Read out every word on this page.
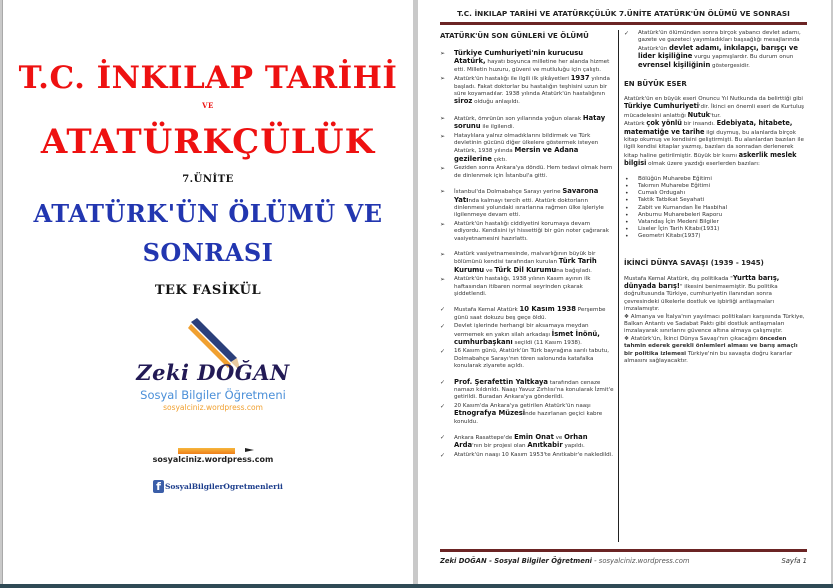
T.C. İNKILAP TARİHİ
VE
ATATÜRKÇÜLÜK
7.ÜNİTE
ATATÜRK'ÜN ÖLÜMÜ VE
SONRASI
TEK FASİKÜL
Zeki DOĞAN
Sosyal Bilgiler Öğretmeni
sosyalciniz.wordpress.com
sosyalciniz.wordpress.com
f SosyalBilgilerOgretmenlerii
T.C. İNKILAP TARİHİ VE ATATÜRKÇÜLÜK 7.ÜNİTE ATATÜRK'ÜN ÖLÜMÜ VE SONRASI
ATATÜRK'ÜN SON GÜNLERİ VE ÖLÜMÜ
➢ Türkiye Cumhuriyeti'nin kurucusu Atatürk, hayatı boyunca milletine her alanda hizmet etti. Milletin huzuru, güveni ve mutluluğu için çalıştı.
➢ Atatürk'ün hastalığı ile ilgili ilk şikâyetleri 1937 yılında başladı. Fakat doktorlar bu hastalığın teşhisini uzun bir süre koyamadılar. 1938 yılında Atatürk'ün hastalığının siroz olduğu anlaşıldı.
➢ Atatürk, ömrünün son yıllarında yoğun olarak Hatay sorunu ile ilgilendi.
➢ Hataylılara yalnız olmadıklarını bildirmek ve Türk devletinin gücünü diğer ülkelere göstermek isteyen Atatürk, 1938 yılında Mersin ve Adana gezilerine çıktı.
➢ Geziden sonra Ankara'ya döndü. Hem tedavi olmak hem de dinlenmek için İstanbul'a gitti.
➢ İstanbul'da Dolmabahçe Sarayı yerine Savarona Yatında kalmayı tercih etti. Atatürk doktorların dinlenmesi yolundaki ısrarlarına rağmen ülke işleriyle ilgilenmeye devam etti.
➢ Atatürk'ün hastalığı ciddiyetini korumaya devam ediyordu. Kendisini iyi hissettiği bir gün noter çağırarak vasiyetnamesini hazırlattı.
➢ Atatürk vasiyetnamesinde, malvarlığının büyük bir bölümünü kendisi tarafından kurulan Türk Tarih Kurumu ve Türk Dil Kurumuna bağışladı.
➢ Atatürk'ün hastalığı, 1938 yılının Kasım ayının ilk haftasından itibaren normal seyrinden çıkarak şiddetlendi.
✓ Mustafa Kemal Atatürk 10 Kasım 1938 Perşembe günü saat dokuzu beş geçe öldü.
✓ Devlet işlerinde herhangi bir aksamaya meydan vermemek en yakın silah arkadaşı İsmet İnönü, cumhurbaşkanı seçildi (11 Kasım 1938).
✓ 16 Kasım günü, Atatürk'ün Türk bayrağına sarılı tabutu, Dolmabahçe Sarayı'nın tören salonunda katafalka konularak ziyarete açıldı.
✓ Prof. Şerafettin Yaltkaya tarafından cenaze namazı kıldırıldı. Naaşı Yavuz Zırhlısı'na konularak İzmit'e getirildi. Buradan Ankara'ya gönderildi.
✓ 20 Kasım'da Ankara'ya getirilen Atatürk'ün naaşı Etnografya Müzesinde hazırlanan geçici kabre konuldu.
✓ Ankara Rasattepe'de Emin Onat ve Orhan Arda'nın bir projesi olan Anıtkabir yapıldı.
✓ Atatürk'ün naaşı 10 Kasım 1953'te Anıtkabir'e nakledildi.
✓ Atatürk'ün ölümünden sonra birçok yabancı devlet adamı, gazete ve gazeteci yayımladıkları başsağlığı mesajlarında Atatürk'ün devlet adamı, inkılapçı, barışçı ve lider kişiliğine vurgu yapmışlardır. Bu durum onun evrensel kişiliğinin göstergesidir.
EN BÜYÜK ESER
Atatürk'ün en büyük eseri Onuncu Yıl Nutkunda da belirttiği gibi Türkiye Cumhuriyeti'dir. İkinci en önemli eseri de Kurtuluş mücadelesini anlattığı Nutuk'tur.
Atatürk çok yönlü bir insandı. Edebiyata, hitabete, matematiğe ve tarihe ilgi duymuş, bu alanlarda birçok kitap okumuş ve kendisini geliştirmişti. Bu alanlardan bazıları ile ilgili kendisi kitaplar yazmış, bazıları da sonradan derlenerek kitap haline getirilmiştir. Büyük bir kısmı askerlik meslek bilgisi olmak üzere yazdığı eserlerden bazıları:
• Bölüğün Muharebe Eğitimi
• Takımın Muharebe Eğitimi
• Cumalı Ordugahı
• Taktik Tatbikat Seyahati
• Zabit ve Kumandan İle Hasbihal
• Anburnu Muharebeleri Raporu
• Vatandaş İçin Medeni Bilgiler
• Liseler İçin Tarih Kitabı(1931)
• Geometri Kitabı(1937)
İKİNCİ DÜNYA SAVAŞI (1939 - 1945)
Mustafa Kemal Atatürk, dış politikada "Yurtta barış, dünyada barış!" ilkesini benimsemiştir. Bu politika doğrultusunda Türkiye, cumhuriyetin ilanından sonra çevresindeki ülkelerle dostluk ve işbirliği antlaşmaları imzalamıştır.
❖ Almanya ve İtalya'nın yayılmacı politikaları karşısında Türkiye, Balkan Antantı ve Sadabat Paktı gibi dostluk antlaşmaları imzalayarak sınırlarını güvence altına almaya çalışmıştır.
❖ Atatürk'ün, İkinci Dünya Savaşı'nın çıkacağını önceden tahmin ederek gerekli önlemleri alması ve barış amaçlı bir politika izlemesi Türkiye'nin bu savaşta doğru kararlar almasını sağlayacaktır.
Zeki DOĞAN - Sosyal Bilgiler Öğretmeni - sosyalciniz.wordpress.com	Sayfa 1
